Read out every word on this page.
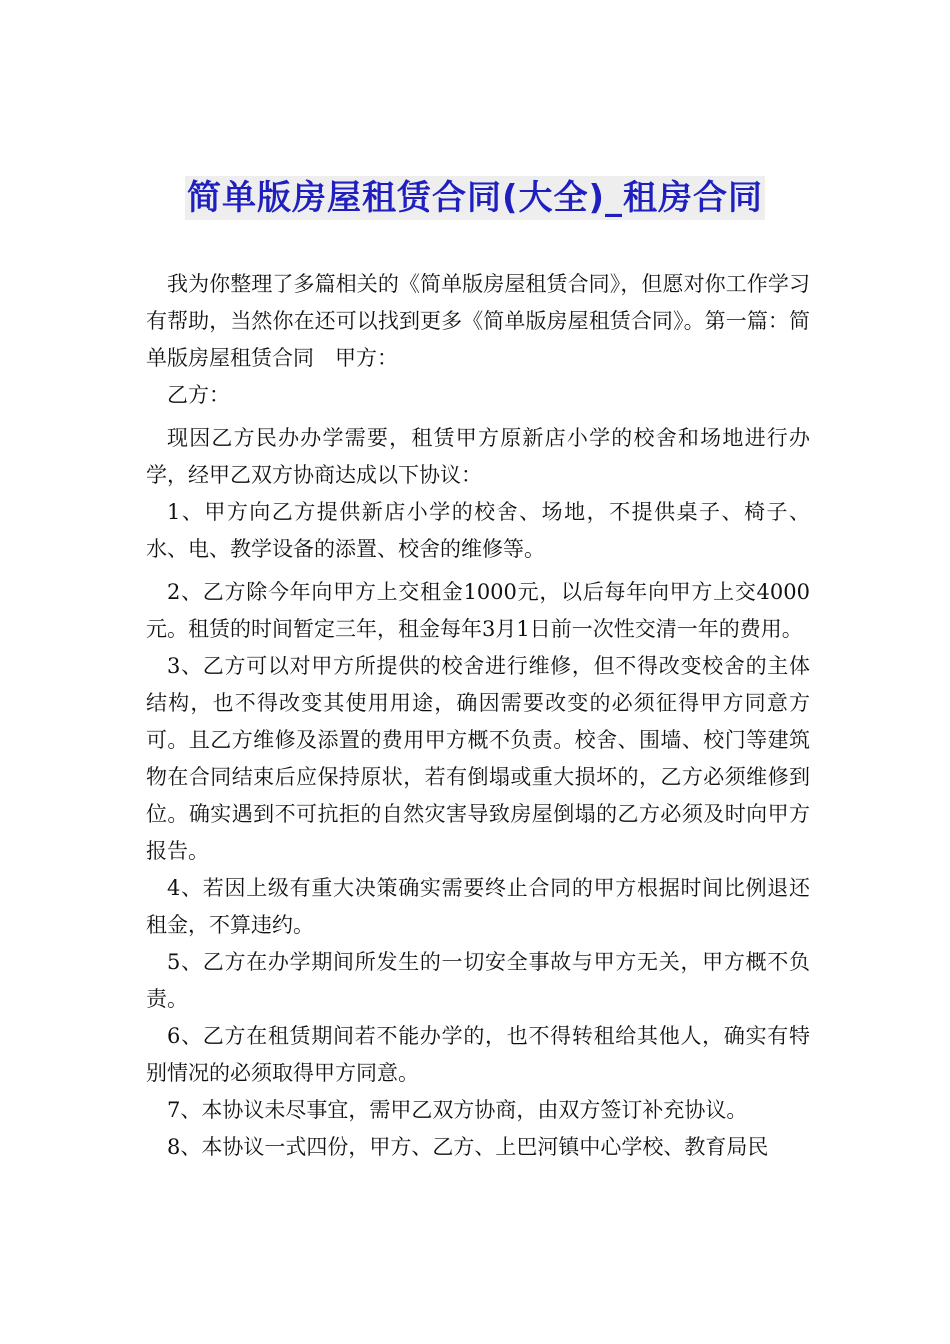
简单版房屋租赁合同(大全)_租房合同

我为你整理了多篇相关的《简单版房屋租赁合同》，但愿对你工作学习有帮助，当然你在还可以找到更多《简单版房屋租赁合同》。第一篇：简单版房屋租赁合同　甲方：

乙方：

现因乙方民办办学需要，租赁甲方原新店小学的校舍和场地进行办学，经甲乙双方协商达成以下协议：

1、甲方向乙方提供新店小学的校舍、场地，不提供桌子、椅子、水、电、教学设备的添置、校舍的维修等。

2、乙方除今年向甲方上交租金1000元，以后每年向甲方上交4000元。租赁的时间暂定三年，租金每年3月1日前一次性交清一年的费用。

3、乙方可以对甲方所提供的校舍进行维修，但不得改变校舍的主体结构，也不得改变其使用用途，确因需要改变的必须征得甲方同意方可。且乙方维修及添置的费用甲方概不负责。校舍、围墙、校门等建筑物在合同结束后应保持原状，若有倒塌或重大损坏的，乙方必须维修到位。确实遇到不可抗拒的自然灾害导致房屋倒塌的乙方必须及时向甲方报告。

4、若因上级有重大决策确实需要终止合同的甲方根据时间比例退还租金，不算违约。

5、乙方在办学期间所发生的一切安全事故与甲方无关，甲方概不负责。

6、乙方在租赁期间若不能办学的，也不得转租给其他人，确实有特别情况的必须取得甲方同意。

7、本协议未尽事宜，需甲乙双方协商，由双方签订补充协议。

8、本协议一式四份，甲方、乙方、上巴河镇中心学校、教育局民
